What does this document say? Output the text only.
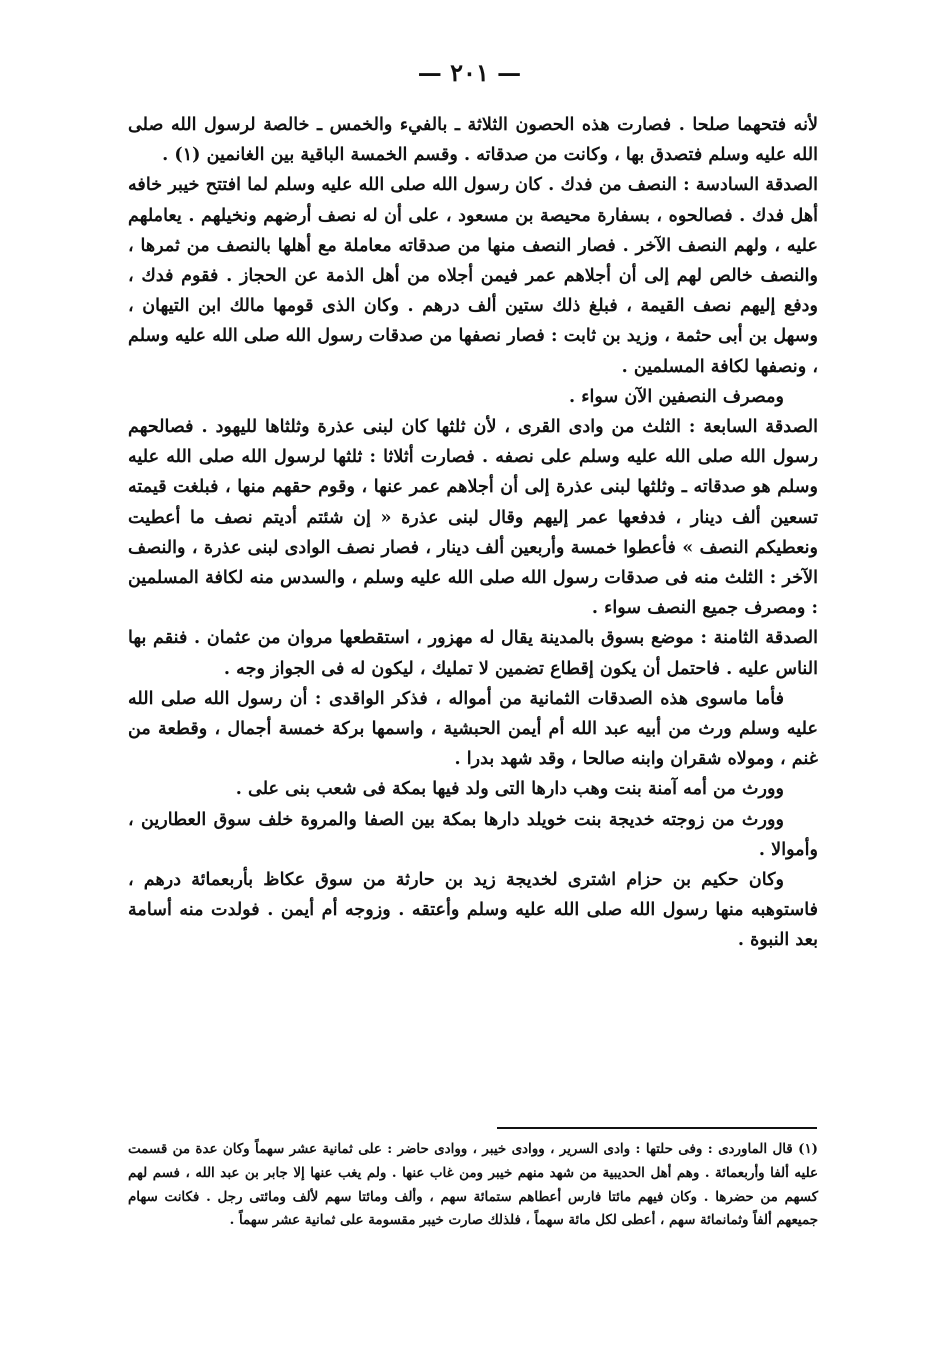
— ٢٠١ —

لأنه فتحهما صلحا . فصارت هذه الحصون الثلاثة ـ بالفيء والخمس ـ خالصة لرسول الله صلى الله عليه وسلم فتصدق بها ، وكانت من صدقاته . وقسم الخمسة الباقية بين الغانمين (١) .

الصدقة السادسة : النصف من فدك . كان رسول الله صلى الله عليه وسلم لما افتتح خيبر خافه أهل فدك . فصالحوه ، بسفارة محيصة بن مسعود ، على أن له نصف أرضهم ونخيلهم . يعاملهم عليه ، ولهم النصف الآخر . فصار النصف منها من صدقاته معاملة مع أهلها بالنصف من ثمرها ، والنصف خالص لهم إلى أن أجلاهم عمر فيمن أجلاه من أهل الذمة عن الحجاز . فقوم فدك ، ودفع إليهم نصف القيمة ، فبلغ ذلك ستين ألف درهم . وكان الذى قومها مالك ابن التيهان ، وسهل بن أبى حثمة ، وزيد بن ثابت : فصار نصفها من صدقات رسول الله صلى الله عليه وسلم ، ونصفها لكافة المسلمين .

ومصرف النصفين الآن سواء .

الصدقة السابعة : الثلث من وادى القرى ، لأن ثلثها كان لبنى عذرة وثلثاها لليهود . فصالحهم رسول الله صلى الله عليه وسلم على نصفه . فصارت أثلاثا : ثلثها لرسول الله صلى الله عليه وسلم هو صدقاته ـ وثلثها لبنى عذرة إلى أن أجلاهم عمر عنها ، وقوم حقهم منها ، فبلغت قيمته تسعين ألف دينار ، فدفعها عمر إليهم وقال لبنى عذرة « إن شئتم أديتم نصف ما أعطيت ونعطيكم النصف » فأعطوا خمسة وأربعين ألف دينار ، فصار نصف الوادى لبنى عذرة ، والنصف الآخر : الثلث منه فى صدقات رسول الله صلى الله عليه وسلم ، والسدس منه لكافة المسلمين : ومصرف جميع النصف سواء .

الصدقة الثامنة : موضع بسوق بالمدينة يقال له مهزور ، استقطعها مروان من عثمان . فنقم بها الناس عليه . فاحتمل أن يكون إقطاع تضمين لا تمليك ، ليكون له فى الجواز وجه .

فأما ماسوى هذه الصدقات الثمانية من أمواله ، فذكر الواقدى : أن رسول الله صلى الله عليه وسلم ورث من أبيه عبد الله أم أيمن الحبشية ، واسمها بركة خمسة أجمال ، وقطعة من غنم ، ومولاه شقران وابنه صالحا ، وقد شهد بدرا .

وورث من أمه آمنة بنت وهب دارها التى ولد فيها بمكة فى شعب بنى على .

وورث من زوجته خديجة بنت خويلد دارها بمكة بين الصفا والمروة خلف سوق العطارين ، وأموالا .

وكان حكيم بن حزام اشترى لخديجة زيد بن حارثة من سوق عكاظ بأربعمائة درهم ، فاستوهبه منها رسول الله صلى الله عليه وسلم وأعتقه . وزوجه أم أيمن . فولدت منه أسامة بعد النبوة .

(١) قال الماوردى : وفى حلتها : وادى السرير ، ووادى خيبر ، ووادى حاضر : على ثمانية عشر سهماً وكان عدة من قسمت عليه ألفا وأربعمائة . وهم أهل الحديبية من شهد منهم خيبر ومن غاب عنها . ولم يغب عنها إلا جابر بن عبد الله ، فسم لهم كسهم من حضرها . وكان فيهم مائتا فارس أعطاهم ستمائة سهم ، وألف ومائتا سهم لألف ومائتى رجل . فكانت سهام جميعهم ألفاً وثمانمائة سهم ، أعطى لكل مائة سهماً ، فلذلك صارت خيبر مقسومة على ثمانية عشر سهماً .
